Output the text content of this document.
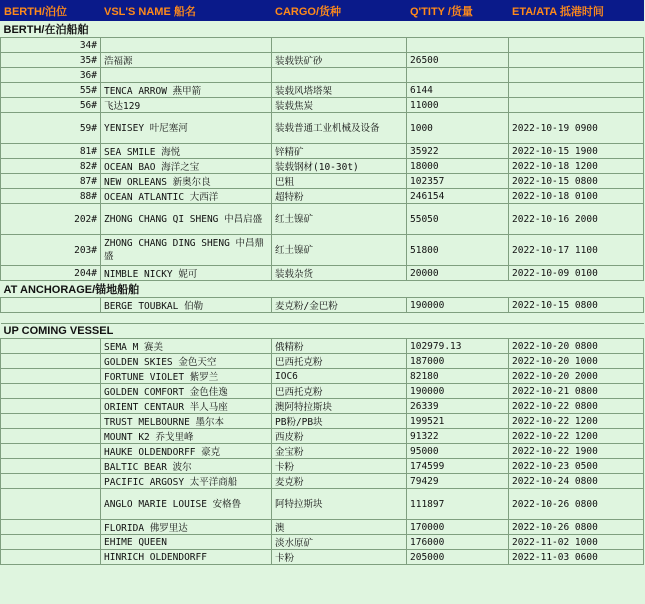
BERTH/泊位	VSL'S NAME 船名	CARGO/货种	Q'TITY /货量	ETA/ATA 抵港时间
BERTH/在泊船舶				
34#				
35#	浩福源	装载铁矿砂	26500	
36#				
55#	TENCA ARROW 燕甲箭	装载风塔塔架	6144	
56#	飞达129	装载焦炭	11000	
59#	YENISEY 叶尼塞河	装载普通工业机械及设备	1000	2022-10-19 0900
81#	SEA SMILE 海悦	锌精矿	35922	2022-10-15 1900
82#	OCEAN BAO 海洋之宝	装载钢材(10-30t)	18000	2022-10-18 1200
87#	NEW ORLEANS 新奥尔良	巴粗	102357	2022-10-15 0800
88#	OCEAN ATLANTIC 大西洋	超特粉	246154	2022-10-18 0100
202#	ZHONG CHANG QI SHENG 中昌启盛	红土镍矿	55050	2022-10-16 2000
203#	ZHONG CHANG DING SHENG 中昌鼎盛	红土镍矿	51800	2022-10-17 1100
204#	NIMBLE NICKY 妮可	装载杂货	20000	2022-10-09 0100
AT ANCHORAGE/锚地船舶				
	BERGE TOUBKAL 伯勒	麦克粉/金巴粉	190000	2022-10-15 0800

UP COMING VESSEL				
	SEMA M 赛美	俄精粉	102979.13	2022-10-20 0800
	GOLDEN SKIES 金色天空	巴西托克粉	187000	2022-10-20 1000
	FORTUNE VIOLET 紫罗兰	IOC6	82180	2022-10-20 2000
	GOLDEN COMFORT 金色佳逸	巴西托克粉	190000	2022-10-21 0800
	ORIENT CENTAUR 半人马座	澳阿特拉斯块	26339	2022-10-22 0800
	TRUST MELBOURNE 墨尔本	PB粉/PB块	199521	2022-10-22 1200
	MOUNT K2 乔戈里峰	西皮粉	91322	2022-10-22 1200
	HAUKE OLDENDORFF 豪克	金宝粉	95000	2022-10-22 1900
	BALTIC BEAR 波尔	卡粉	174599	2022-10-23 0500
	PACIFIC ARGOSY 太平洋商船	麦克粉	79429	2022-10-24 0800
	ANGLO MARIE LOUISE 安格鲁	阿特拉斯块	111897	2022-10-26 0800
	FLORIDA 佛罗里达	澳	170000	2022-10-26 0800
	EHIME QUEEN	淡水原矿	176000	2022-11-02 1000
	HINRICH OLDENDORFF	卡粉	205000	2022-11-03 0600
